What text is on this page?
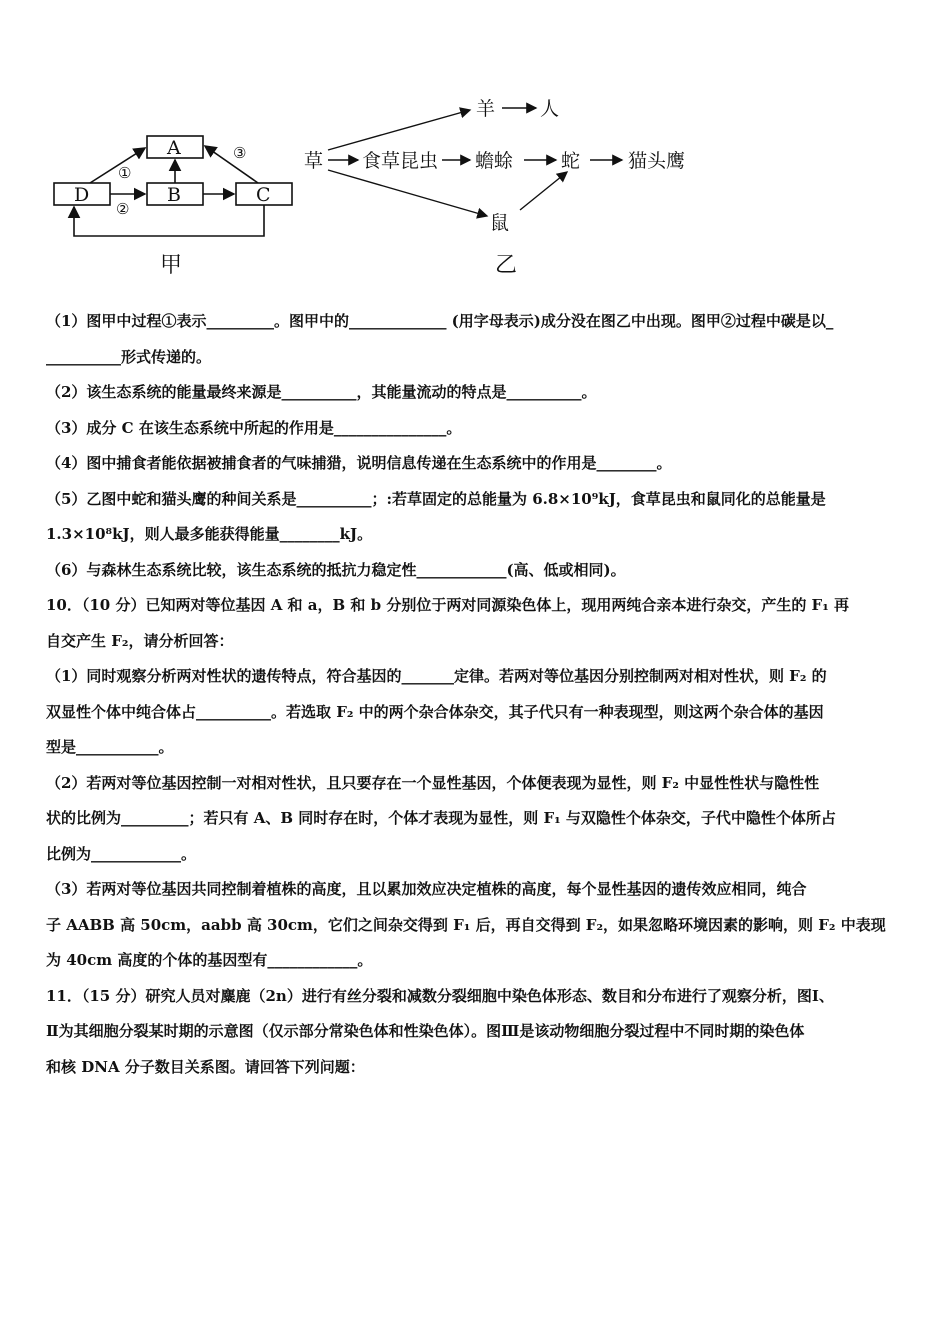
A
D	B	C
①
②
③
甲
草 食草昆虫 蟾蜍	蛇	猫头鹰
羊 人
鼠
乙

（1）图甲中过程①表示_________。图甲中的_____________ (用字母表示)成分没在图乙中出现。图甲②过程中碳是以_

__________形式传递的。

（2）该生态系统的能量最终来源是__________，其能量流动的特点是__________。

（3）成分 C 在该生态系统中所起的作用是_______________。

（4）图中捕食者能依据被捕食者的气味捕猎，说明信息传递在生态系统中的作用是________。

（5）乙图中蛇和猫头鹰的种间关系是__________；:若草固定的总能量为 6.8×10⁹kJ，食草昆虫和鼠同化的总能量是

1.3×10⁸kJ，则人最多能获得能量________kJ。

（6）与森林生态系统比较，该生态系统的抵抗力稳定性____________(高、低或相同)。

10．（10 分）已知两对等位基因 A 和 a，B 和 b 分别位于两对同源染色体上，现用两纯合亲本进行杂交，产生的 F₁ 再

自交产生 F₂，请分析回答：

（1）同时观察分析两对性状的遗传特点，符合基因的_______定律。若两对等位基因分别控制两对相对性状，则 F₂ 的

双显性个体中纯合体占__________。若选取 F₂ 中的两个杂合体杂交，其子代只有一种表现型，则这两个杂合体的基因

型是___________。

（2）若两对等位基因控制一对相对性状，且只要存在一个显性基因，个体便表现为显性，则 F₂ 中显性性状与隐性性

状的比例为_________；若只有 A、B 同时存在时，个体才表现为显性，则 F₁ 与双隐性个体杂交，子代中隐性个体所占

比例为____________。

（3）若两对等位基因共同控制着植株的高度，且以累加效应决定植株的高度，每个显性基因的遗传效应相同，纯合

子 AABB 高 50cm，aabb 高 30cm，它们之间杂交得到 F₁ 后，再自交得到 F₂，如果忽略环境因素的影响，则 F₂ 中表现

为 40cm 高度的个体的基因型有____________。

11．（15 分）研究人员对麋鹿（2n）进行有丝分裂和减数分裂细胞中染色体形态、数目和分布进行了观察分析，图Ⅰ、

Ⅱ为其细胞分裂某时期的示意图（仅示部分常染色体和性染色体）。图Ⅲ是该动物细胞分裂过程中不同时期的染色体

和核 DNA 分子数目关系图。请回答下列问题：
